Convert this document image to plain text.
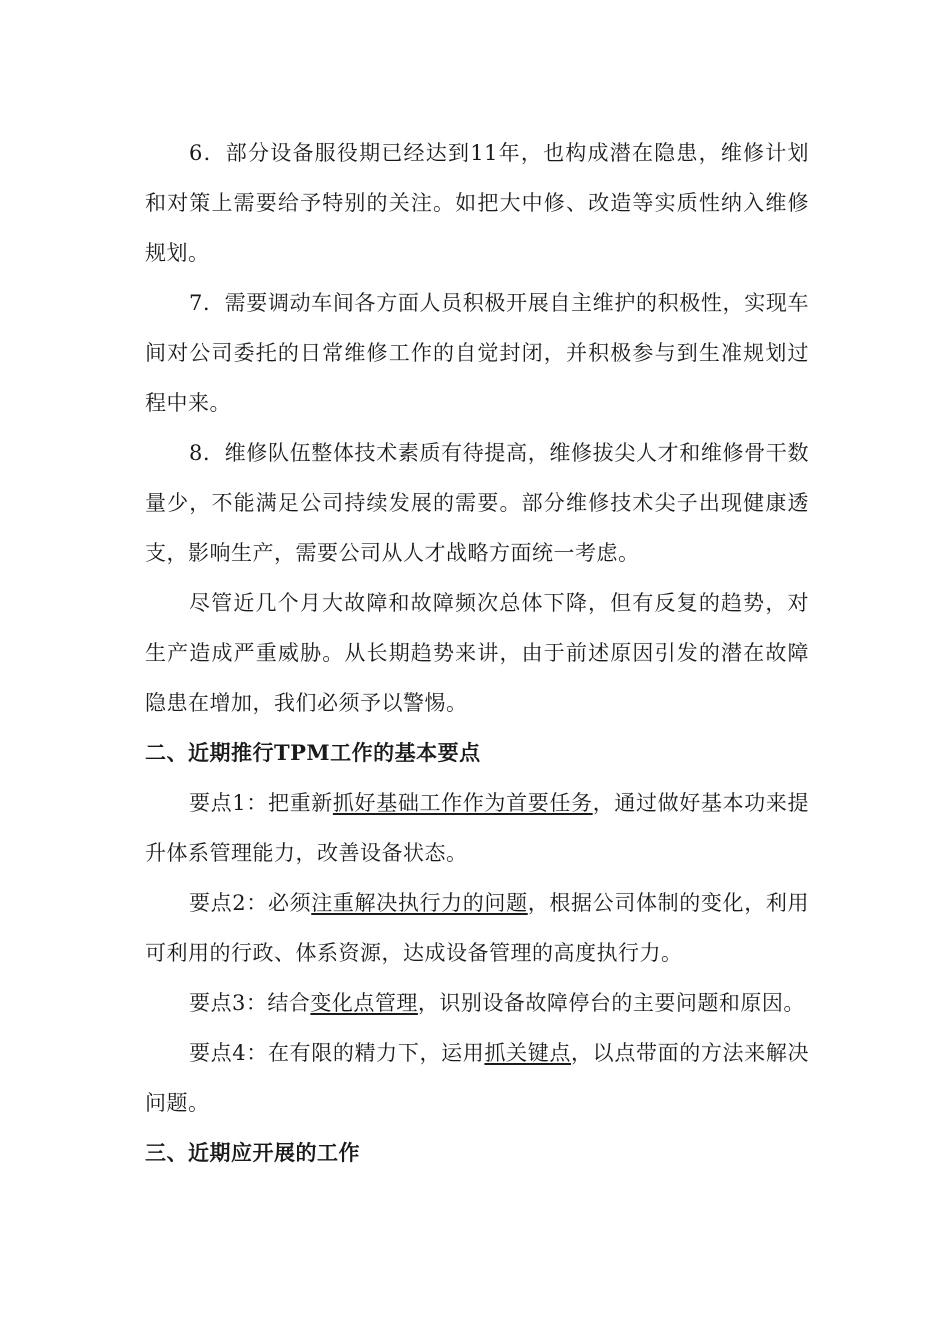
6．部分设备服役期已经达到11年，也构成潜在隐患，维修计划和对策上需要给予特别的关注。如把大中修、改造等实质性纳入维修规划。

7．需要调动车间各方面人员积极开展自主维护的积极性，实现车间对公司委托的日常维修工作的自觉封闭，并积极参与到生准规划过程中来。

8．维修队伍整体技术素质有待提高，维修拔尖人才和维修骨干数量少，不能满足公司持续发展的需要。部分维修技术尖子出现健康透支，影响生产，需要公司从人才战略方面统一考虑。

尽管近几个月大故障和故障频次总体下降，但有反复的趋势，对生产造成严重威胁。从长期趋势来讲，由于前述原因引发的潜在故障隐患在增加，我们必须予以警惕。

二、近期推行TPM工作的基本要点

要点1：把重新抓好基础工作作为首要任务，通过做好基本功来提升体系管理能力，改善设备状态。

要点2：必须注重解决执行力的问题，根据公司体制的变化，利用可利用的行政、体系资源，达成设备管理的高度执行力。

要点3：结合变化点管理，识别设备故障停台的主要问题和原因。

要点4：在有限的精力下，运用抓关键点，以点带面的方法来解决问题。

三、近期应开展的工作
